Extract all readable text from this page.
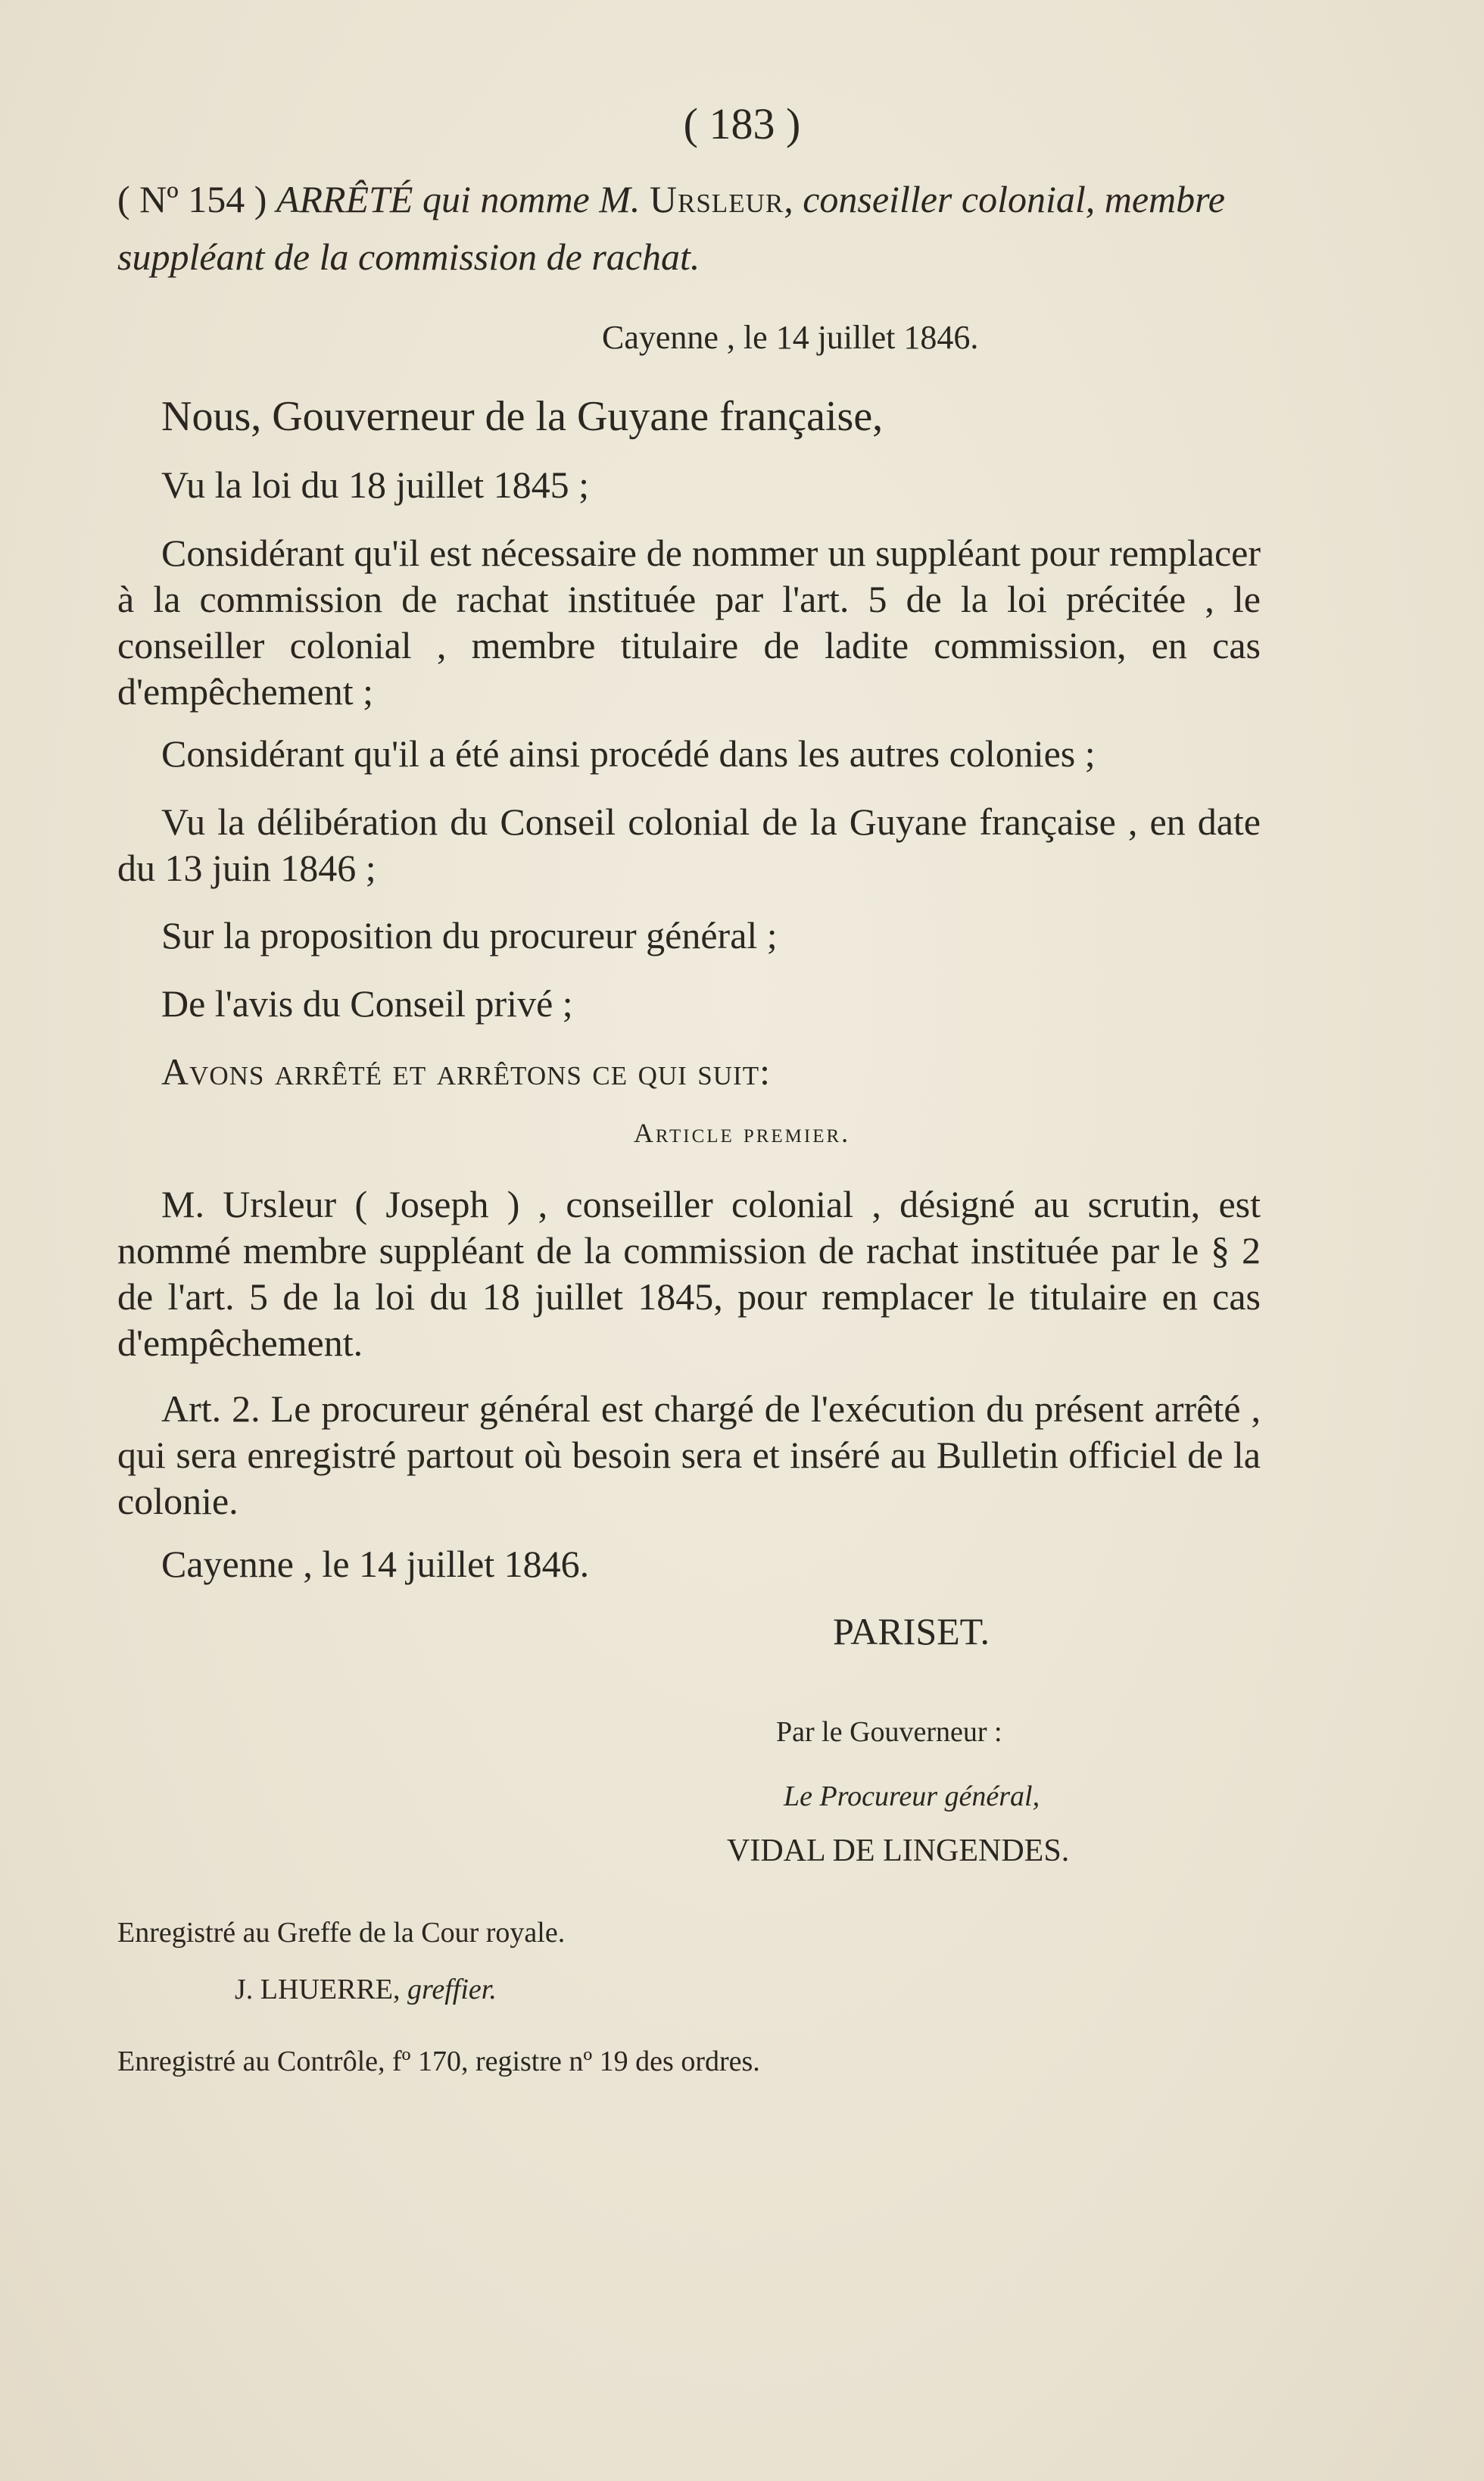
( 183 )
( Nº 154 ) ARRÊTÉ qui nomme M. Ursleur, conseiller colonial, membre suppléant de la commission de rachat.
Cayenne , le 14 juillet 1846.
Nous, Gouverneur de la Guyane française,
Vu la loi du 18 juillet 1845 ;
Considérant qu'il est nécessaire de nommer un suppléant pour remplacer à la commission de rachat instituée par l'art. 5 de la loi précitée , le conseiller colonial , membre titulaire de ladite commission, en cas d'empêchement ;
Considérant qu'il a été ainsi procédé dans les autres colonies ;
Vu la délibération du Conseil colonial de la Guyane française , en date du 13 juin 1846 ;
Sur la proposition du procureur général ;
De l'avis du Conseil privé ;
Avons arrêté et arrêtons ce qui suit:
Article premier.
M. Ursleur ( Joseph ) , conseiller colonial , désigné au scrutin, est nommé membre suppléant de la commission de rachat instituée par le § 2 de l'art. 5 de la loi du 18 juillet 1845, pour remplacer le titulaire en cas d'empêchement.
Art. 2. Le procureur général est chargé de l'exécution du présent arrêté , qui sera enregistré partout où besoin sera et inséré au Bulletin officiel de la colonie.
Cayenne , le 14 juillet 1846.
PARISET.
Par le Gouverneur :
Le Procureur général,
VIDAL DE LINGENDES.
Enregistré au Greffe de la Cour royale.
J. LHUERRE, greffier.
Enregistré au Contrôle, fº 170, registre nº 19 des ordres.
